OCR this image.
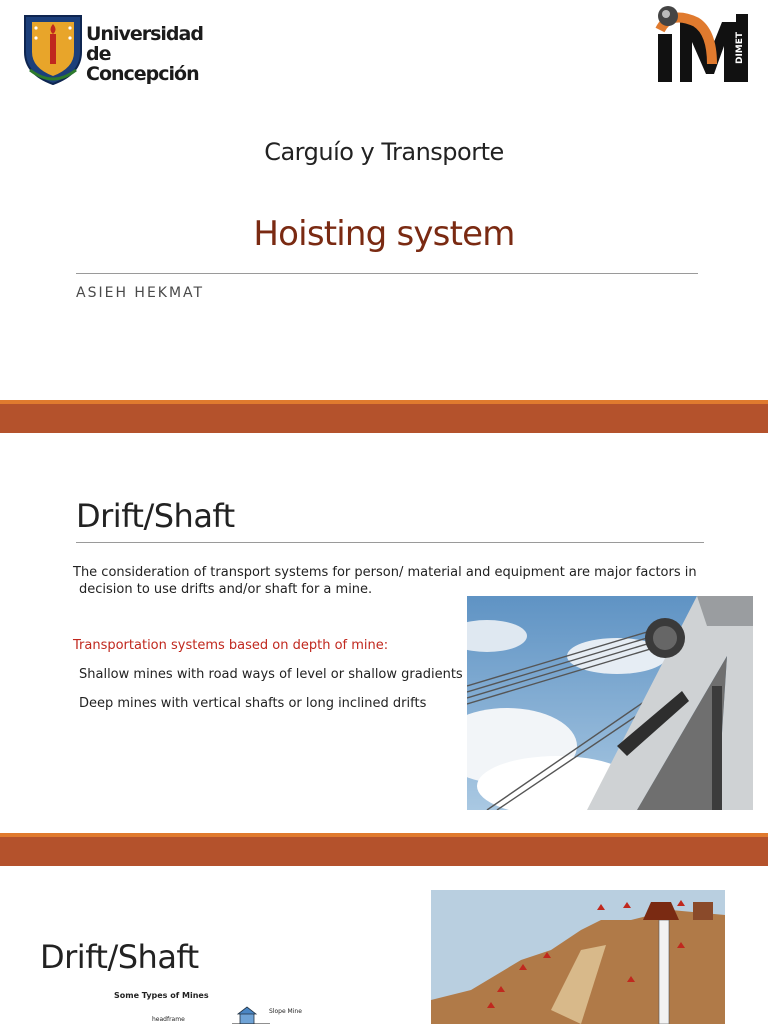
Universidad
de Concepción
DIMET
Carguío y Transporte
Hoisting system
ASIEH HEKMAT
Drift/Shaft
The consideration of transport systems for person/ material and equipment are major factors in
decision to use drifts and/or shaft for a mine.
Transportation systems based on depth of mine:
Shallow mines with road ways of level or shallow gradients
Deep mines with vertical shafts or long inclined drifts
Drift/Shaft
Some Types of Mines
headframe
Slope Mine
